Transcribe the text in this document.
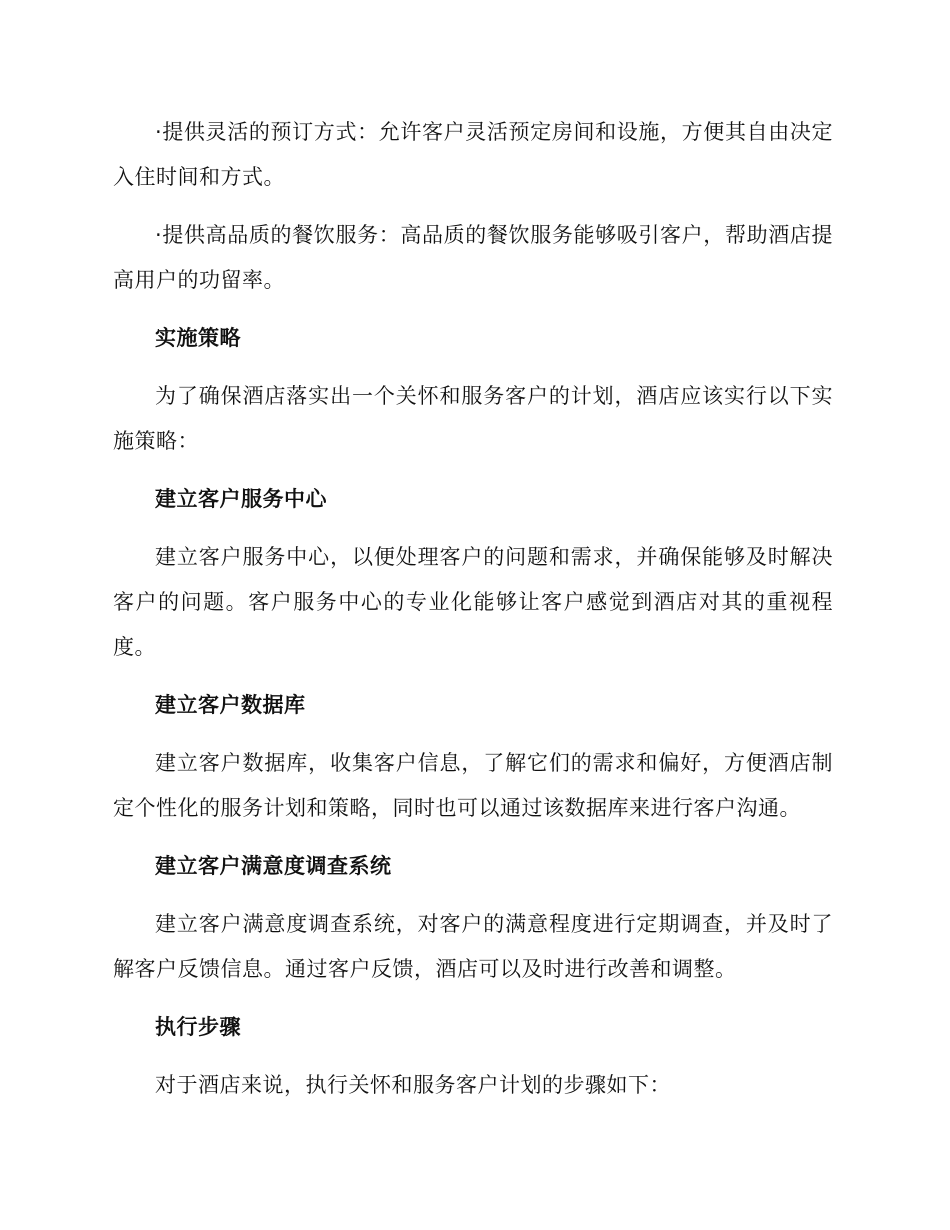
·提供灵活的预订方式：允许客户灵活预定房间和设施，方便其自由决定入住时间和方式。

·提供高品质的餐饮服务：高品质的餐饮服务能够吸引客户，帮助酒店提高用户的功留率。

实施策略

为了确保酒店落实出一个关怀和服务客户的计划，酒店应该实行以下实施策略：

建立客户服务中心

建立客户服务中心，以便处理客户的问题和需求，并确保能够及时解决客户的问题。客户服务中心的专业化能够让客户感觉到酒店对其的重视程度。

建立客户数据库

建立客户数据库，收集客户信息，了解它们的需求和偏好，方便酒店制定个性化的服务计划和策略，同时也可以通过该数据库来进行客户沟通。

建立客户满意度调查系统

建立客户满意度调查系统，对客户的满意程度进行定期调查，并及时了解客户反馈信息。通过客户反馈，酒店可以及时进行改善和调整。

执行步骤

对于酒店来说，执行关怀和服务客户计划的步骤如下：
